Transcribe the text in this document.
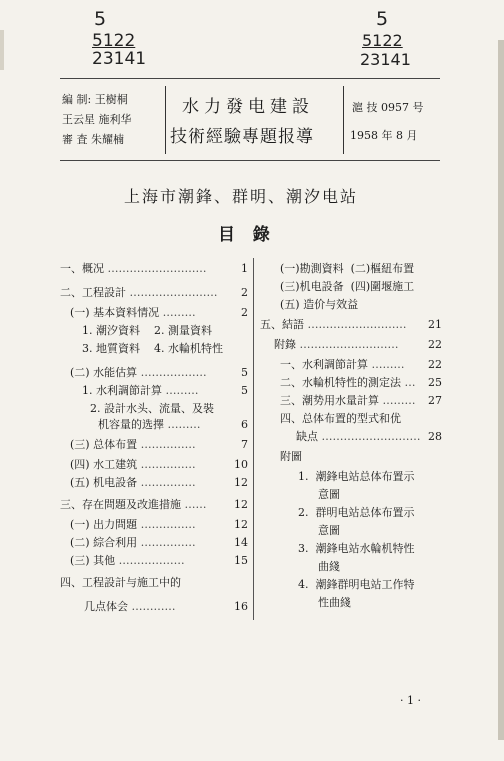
5
5122
23141
5
5122
23141
編 制: 王樹桐
王云星 施利华
審 査 朱耀楠
水力發电建設
技術經驗專題报導
滬 技 0957 号
1958 年 8 月
上海市潮鋒、群明、潮汐电站
目   錄
一、概况 ………………………	1
二、工程設計 …………………… 2
(一) 基本資料情况 ………	2
1. 潮汐資料    2. 測量資料
3. 地質資料    4. 水輪机特性
(二) 水能估算 ………………	5
1. 水利調節計算 ………	5
2. 設計水头、流量、及裝
机容量的选擇 ………	6
(三) 总体布置 ……………	7
(四) 水工建筑 ……………	10
(五) 机电設备 ……………	12
三、存在問題及改進措施 ……	12
(一) 出力問題 ……………	12
(二) 綜合利用 ……………	14
(三) 其他 ………………	15
四、工程設計与施工中的
几点体会 …………	16
(一)勘測資料  (二)樞紐布置
(三)机电設备  (四)圍堰施工
(五) 造价与效益
五、結語 ……………………… 21
附錄 ………………………	22
一、水利調節計算 ……… 22
二、水輪机特性的測定法 … 25
三、潮势用水量計算 ……… 27
四、总体布置的型式和优
缺点 ……………………… 28
附圖
1.  潮鋒电站总体布置示
意圖
2.  群明电站总体布置示
意圖
3.  潮鋒电站水輪机特性
曲綫
4.  潮鋒群明电站工作特
性曲綫
· 1 ·
